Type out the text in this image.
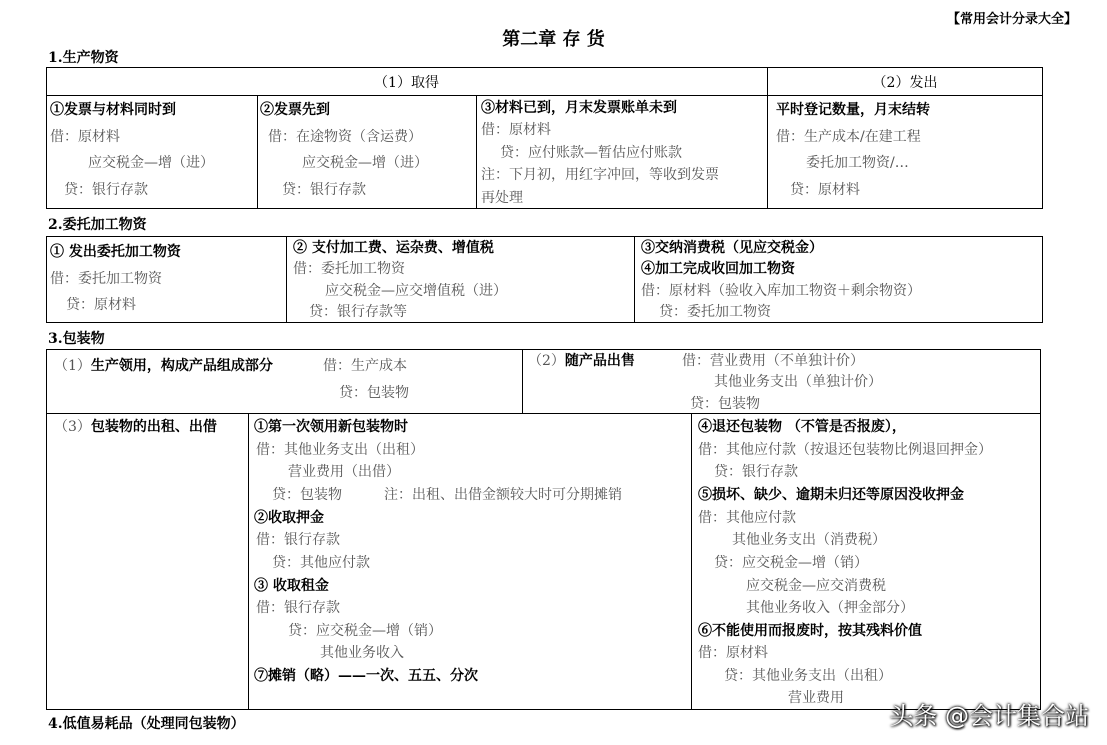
【常用会计分录大全】
第二章 存 货
1.生产物资
（1）取得	（2）发出
①发票与材料同时到
借：原材料
应交税金—增（进）
贷：银行存款
②发票先到
借：在途物资（含运费）
应交税金—增（进）
贷：银行存款
③材料已到，月末发票账单未到
借：原材料
贷：应付账款—暂估应付账款
注：下月初，用红字冲回，等收到发票
再处理
平时登记数量，月末结转
借：生产成本/在建工程
委托加工物资/…
贷：原材料
2.委托加工物资
① 发出委托加工物资
借：委托加工物资
贷：原材料
② 支付加工费、运杂费、增值税
借：委托加工物资
应交税金—应交增值税（进）
贷：银行存款等
③交纳消费税（见应交税金）
④加工完成收回加工物资
借：原材料（验收入库加工物资＋剩余物资）
贷：委托加工物资
3.包装物
（1）生产领用，构成产品组成部分	借：生产成本
贷：包装物
（2）随产品出售	借：营业费用（不单独计价）
其他业务支出（单独计价）
贷：包装物
（3）包装物的出租、出借	①第一次领用新包装物时
借：其他业务支出（出租）
营业费用（出借）
贷：包装物	注：出租、出借金额较大时可分期摊销
②收取押金
借：银行存款
贷：其他应付款
③ 收取租金
借：银行存款
贷：应交税金—增（销）
其他业务收入
⑦摊销（略）——一次、五五、分次
④退还包装物 （不管是否报废），
借：其他应付款（按退还包装物比例退回押金）
贷：银行存款
⑤损坏、缺少、逾期未归还等原因没收押金
借：其他应付款
其他业务支出（消费税）
贷：应交税金—增（销）
应交税金—应交消费税
其他业务收入（押金部分）
⑥不能使用而报废时，按其残料价值
借：原材料
贷：其他业务支出（出租）
营业费用
4.低值易耗品（处理同包装物）	头条 @会计集合站
